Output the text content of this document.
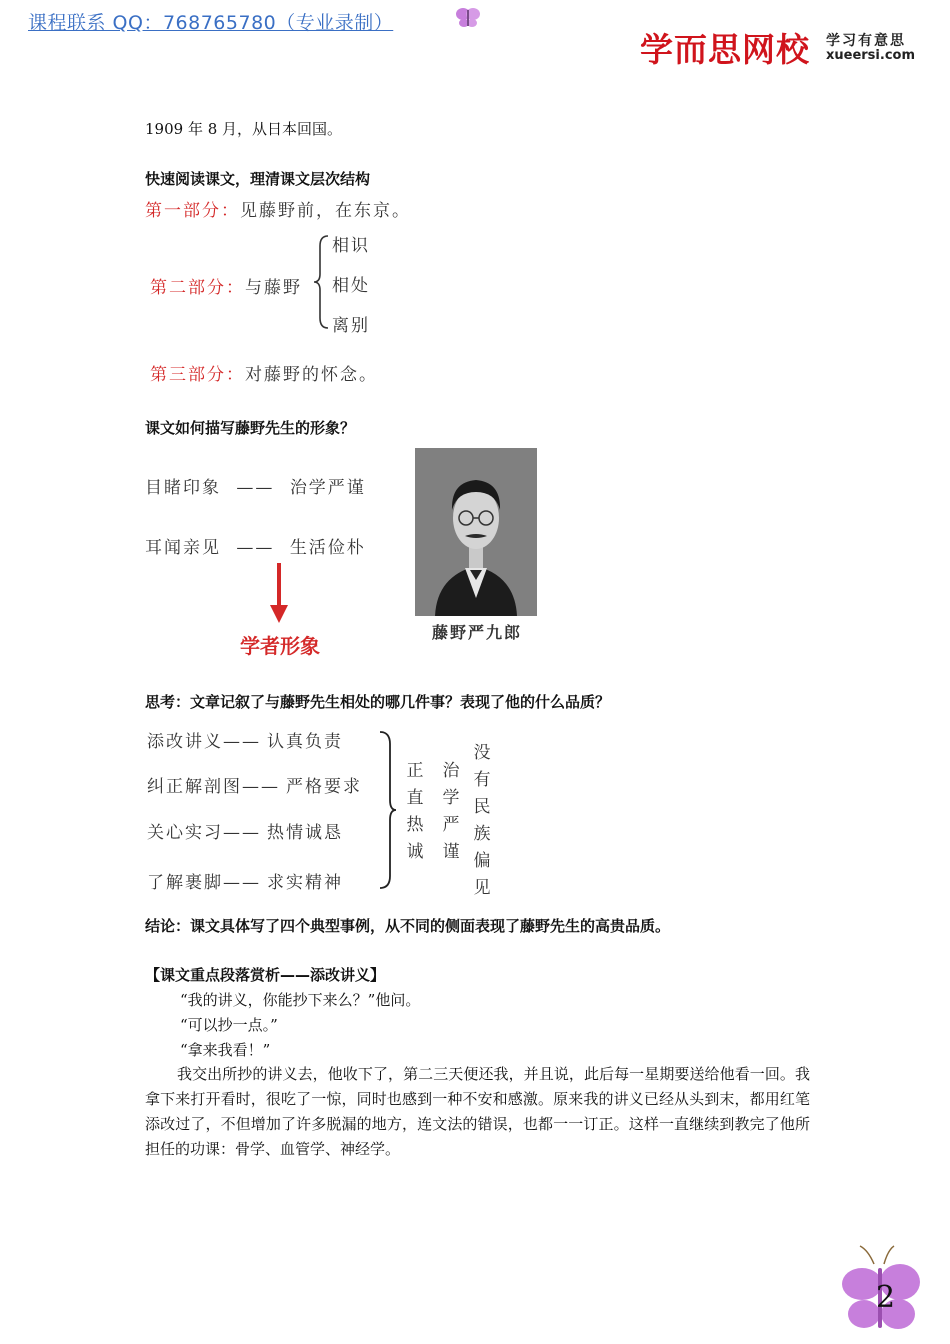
课程联系 QQ：768765780（专业录制）
学而思网校 学习有意思
xueersi.com
1909 年 8 月，从日本回国。
快速阅读课文，理清课文层次结构
第一部分：见藤野前，在东京。
第二部分：与藤野
相识
相处
离别
第三部分：对藤野的怀念。
课文如何描写藤野先生的形象？
目睹印象 —— 治学严谨
耳闻亲见 —— 生活俭朴
学者形象
藤野严九郎
思考：文章记叙了与藤野先生相处的哪几件事？表现了他的什么品质？
添改讲义—— 认真负责
纠正解剖图—— 严格要求
关心实习—— 热情诚恳
了解裹脚—— 求实精神
正直热诚
治学严谨
没有民族偏见
结论：课文具体写了四个典型事例，从不同的侧面表现了藤野先生的高贵品质。
【课文重点段落赏析——添改讲义】
“我的讲义，你能抄下来么？”他问。
“可以抄一点。”
“拿来我看！”
我交出所抄的讲义去，他收下了，第二三天便还我，并且说，此后每一星期要送给他看一回。我拿下来打开看时，很吃了一惊，同时也感到一种不安和感激。原来我的讲义已经从头到末，都用红笔添改过了，不但增加了许多脱漏的地方，连文法的错误，也都一一订正。这样一直继续到教完了他所担任的功课：骨学、血管学、神经学。
2
